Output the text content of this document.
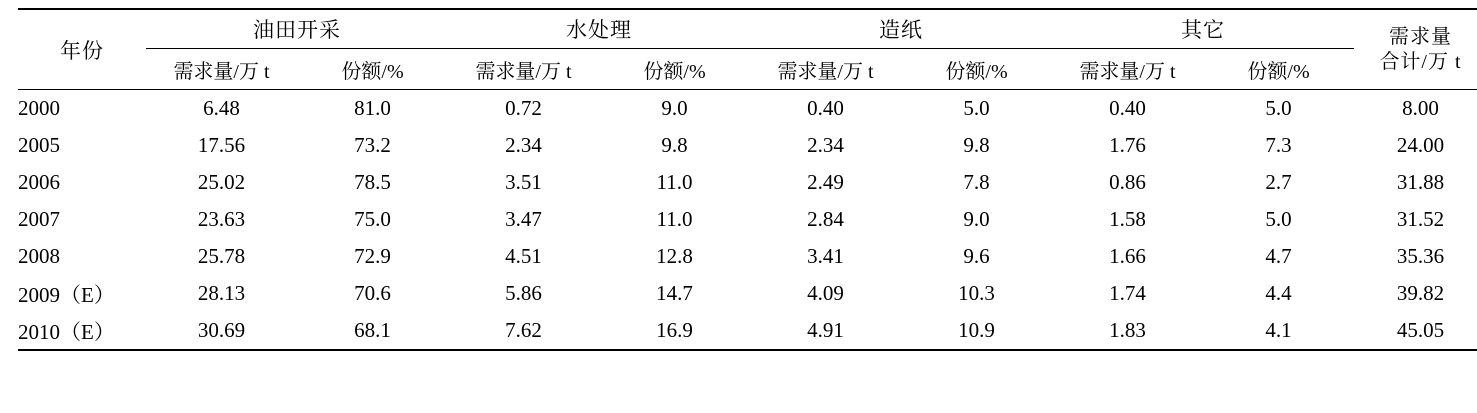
年份	油田开采		水处理		造纸		其它		需求量
合计/万 t
	需求量/万 t	份额/%	需求量/万 t	份额/%	需求量/万 t	份额/%	需求量/万 t	份额/%	
2000	6.48	81.0	0.72	9.0	0.40	5.0	0.40	5.0	8.00
2005	17.56	73.2	2.34	9.8	2.34	9.8	1.76	7.3	24.00
2006	25.02	78.5	3.51	11.0	2.49	7.8	0.86	2.7	31.88
2007	23.63	75.0	3.47	11.0	2.84	9.0	1.58	5.0	31.52
2008	25.78	72.9	4.51	12.8	3.41	9.6	1.66	4.7	35.36
2009（E）	28.13	70.6	5.86	14.7	4.09	10.3	1.74	4.4	39.82
2010（E）	30.69	68.1	7.62	16.9	4.91	10.9	1.83	4.1	45.05
